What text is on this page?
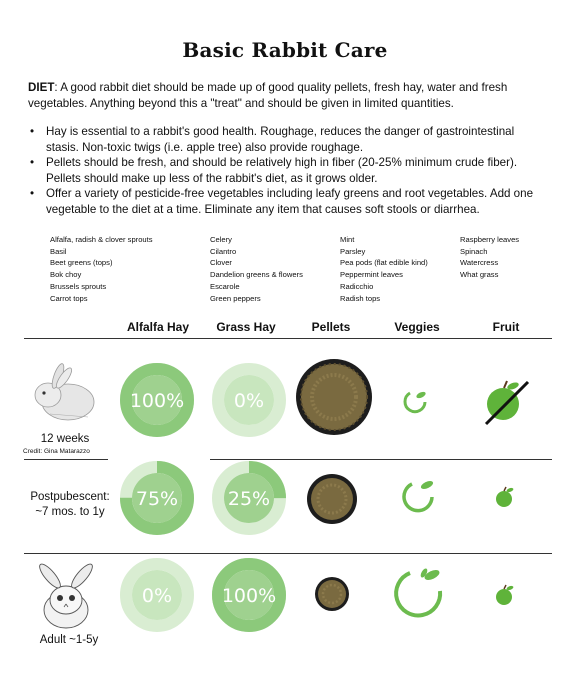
Basic Rabbit Care
DIET: A good rabbit diet should be made up of good quality pellets, fresh hay, water and fresh vegetables. Anything beyond this a "treat" and should be given in limited quantities.
• Hay is essential to a rabbit's good health. Roughage, reduces the danger of gastrointestinal stasis. Non-toxic twigs (i.e. apple tree) also provide roughage.
• Pellets should be fresh, and should be relatively high in fiber (20-25% minimum crude fiber). Pellets should make up less of the rabbit's diet, as it grows older.
• Offer a variety of pesticide-free vegetables including leafy greens and root vegetables. Add one vegetable to the diet at a time. Eliminate any item that causes soft stools or diarrhea.
Alfalfa, radish & clover sprouts
Basil
Beet greens (tops)
Bok choy
Brussels sprouts
Carrot tops
Celery
Cilantro
Clover
Dandelion greens & flowers
Escarole
Green peppers
Mint
Parsley
Pea pods (flat edible kind)
Peppermint leaves
Radicchio
Radish tops
Raspberry leaves
Spinach
Watercress
What grass
Alfalfa Hay	Grass Hay	Pellets	Veggies	Fruit
12 weeks
Credit: Gina Matarazzo
100%	0%
Postpubescent: ~7 mos. to 1y
75%	25%
Adult ~1-5y
0%	100%
